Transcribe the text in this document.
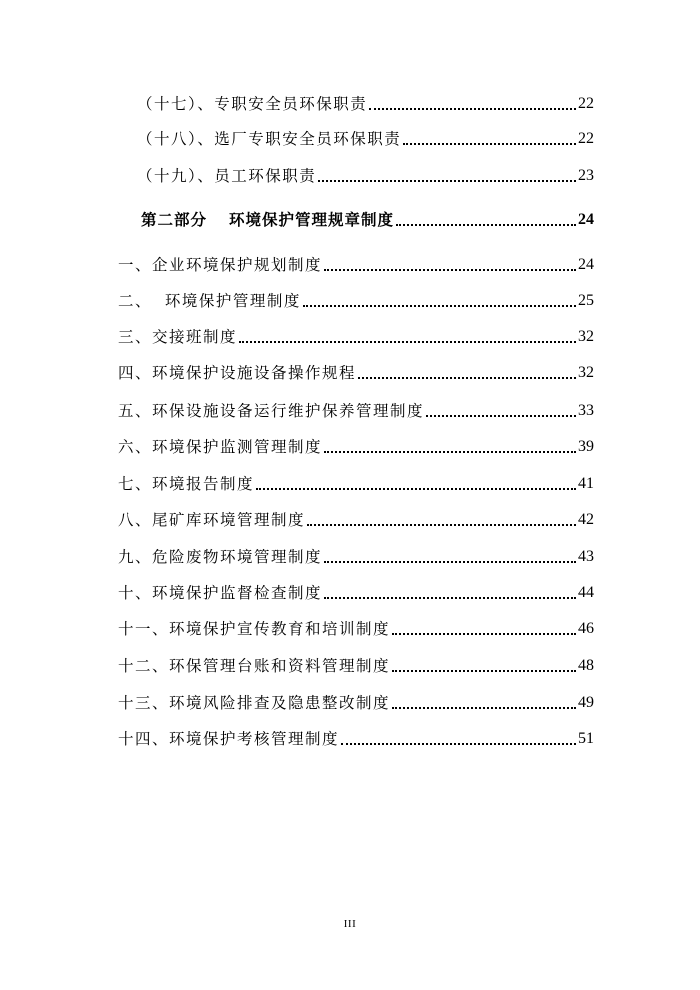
（十七）、专职安全员环保职责	22
（十八）、选厂专职安全员环保职责	22
（十九）、员工环保职责	23
第二部分 环境保护管理规章制度	24
一、企业环境保护规划制度	24
二、  环境保护管理制度	25
三、交接班制度	32
四、环境保护设施设备操作规程	32
五、环保设施设备运行维护保养管理制度	33
六、环境保护监测管理制度	39
七、环境报告制度	41
八、尾矿库环境管理制度	42
九、危险废物环境管理制度	43
十、环境保护监督检查制度	44
十一、环境保护宣传教育和培训制度	46
十二、环保管理台账和资料管理制度	48
十三、环境风险排查及隐患整改制度	49
十四、环境保护考核管理制度	51
III
